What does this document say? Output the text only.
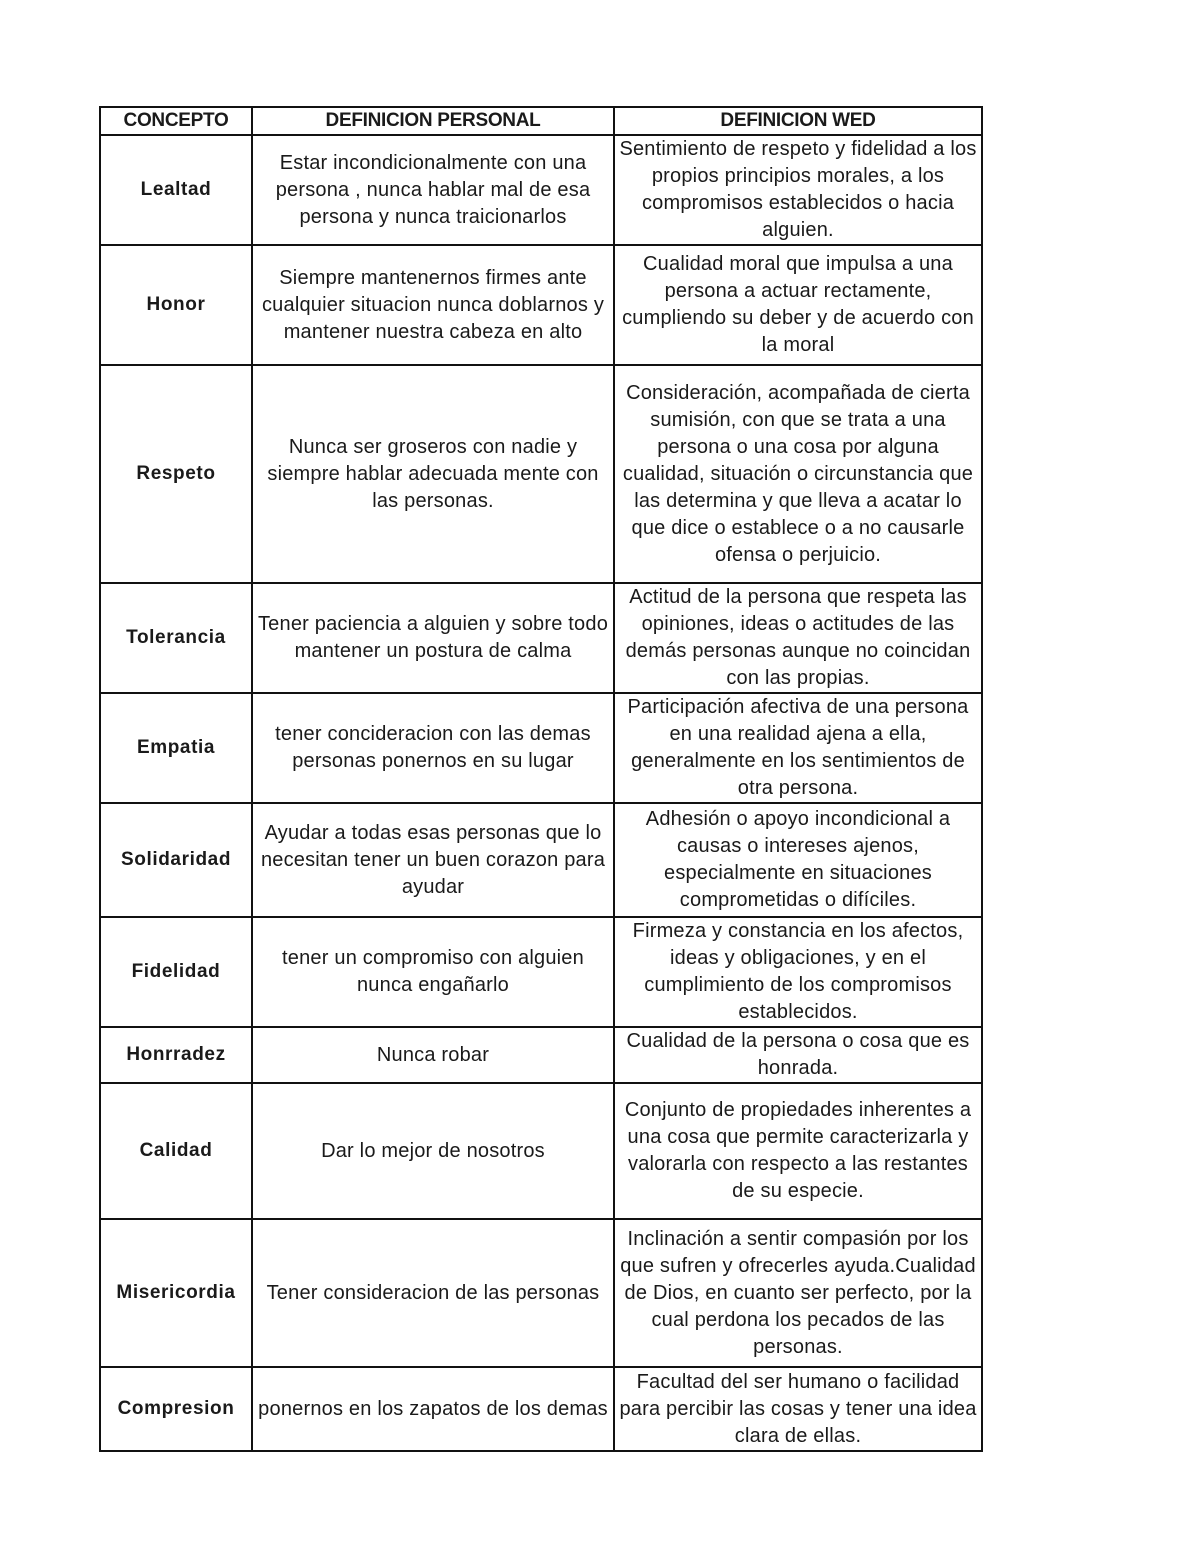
CONCEPTO	DEFINICION PERSONAL	DEFINICION WED
Lealtad	Estar incondicionalmente con una persona , nunca hablar mal de esa persona y nunca traicionarlos	Sentimiento de respeto y fidelidad a los propios principios morales, a los compromisos establecidos o hacia alguien.
Honor	Siempre mantenernos firmes ante cualquier situacion nunca doblarnos y mantener nuestra cabeza en alto	Cualidad moral que impulsa a una persona a actuar rectamente, cumpliendo su deber y de acuerdo con la moral
Respeto	Nunca ser groseros con nadie y siempre hablar adecuada mente con las personas.	Consideración, acompañada de cierta sumisión, con que se trata a una persona o una cosa por alguna cualidad, situación o circunstancia que las determina y que lleva a acatar lo que dice o establece o a no causarle ofensa o perjuicio.
Tolerancia	Tener paciencia a alguien y sobre todo mantener un postura de calma	Actitud de la persona que respeta las opiniones, ideas o actitudes de las demás personas aunque no coincidan con las propias.
Empatia	tener concideracion con las demas personas ponernos en su lugar	Participación afectiva de una persona en una realidad ajena a ella, generalmente en los sentimientos de otra persona.
Solidaridad	Ayudar a todas esas personas que lo necesitan tener un buen corazon para ayudar	Adhesión o apoyo incondicional a causas o intereses ajenos, especialmente en situaciones comprometidas o difíciles.
Fidelidad	tener un compromiso con alguien nunca engañarlo	Firmeza y constancia en los afectos, ideas y obligaciones, y en el cumplimiento de los compromisos establecidos.
Honrradez	Nunca robar	Cualidad de la persona o cosa que es honrada.
Calidad	Dar lo mejor de nosotros	Conjunto de propiedades inherentes a una cosa que permite caracterizarla y valorarla con respecto a las restantes de su especie.
Misericordia	Tener consideracion de las personas	Inclinación a sentir compasión por los que sufren y ofrecerles ayuda.Cualidad de Dios, en cuanto ser perfecto, por la cual perdona los pecados de las personas.
Compresion	ponernos en los zapatos de los demas	Facultad del ser humano o facilidad para percibir las cosas y tener una idea clara de ellas.
